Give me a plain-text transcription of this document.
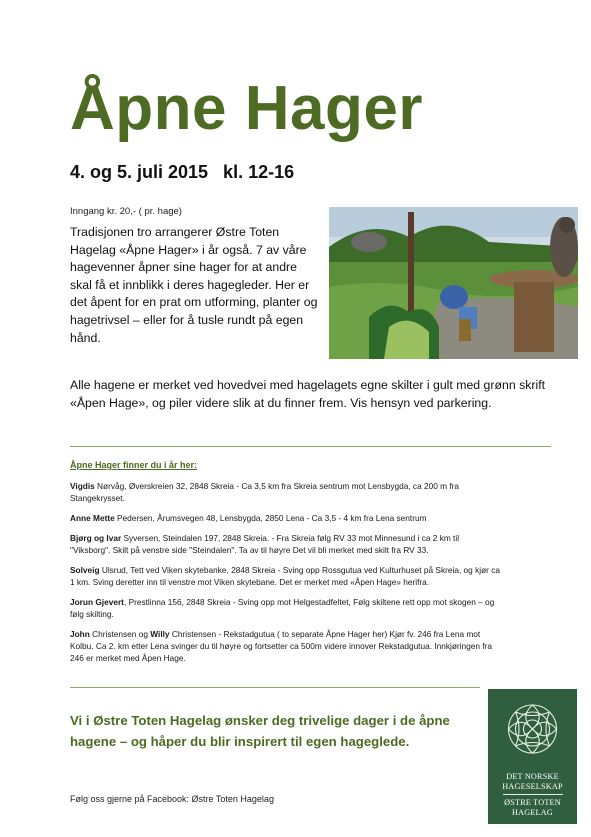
Åpne Hager
4. og 5. juli 2015   kl. 12-16
Inngang kr. 20,- ( pr. hage)
Tradisjonen tro arrangerer Østre Toten Hagelag «Åpne Hager» i år også. 7 av våre hagevenner åpner sine hager for at andre skal få et innblikk i deres hagegleder. Her er det åpent for en prat om utforming, planter og hagetrivsel – eller for å tusle rundt på egen hånd.
Alle hagene er merket ved hovedvei med hagelagets egne skilter i gult med grønn skrift «Åpen Hage», og piler videre slik at du finner frem. Vis hensyn ved parkering.
Åpne Hager finner du i år her:
Vigdis Nørvåg, Øverskreien 32, 2848 Skreia - Ca 3,5 km fra Skreia sentrum mot Lensbygda, ca 200 m fra Stangekrysset.
Anne Mette Pedersen, Årumsvegen 48, Lensbygda, 2850 Lena - Ca 3,5 - 4 km fra Lena sentrum
Bjørg og Ivar Syversen, Steindalen 197, 2848 Skreia. - Fra Skreia følg RV 33 mot Minnesund i ca 2 km til "Viksborg". Skilt på venstre side "Steindalen". Ta av til høyre Det vil bli merket med skilt fra RV 33.
Solveig Ulsrud, Tett ved Viken skytebanke, 2848 Skreia - Sving opp Rossgutua ved Kulturhuset på Skreia, og kjør ca 1 km. Sving deretter inn til venstre mot Viken skytebane. Det er merket med «Åpen Hage» herifra.
Jorun Gjevert, Prestlinna 156, 2848 Skreia - Sving opp mot Helgestadfeltet, Følg skiltene rett opp mot skogen – og følg skilting.
John Christensen og Willy Christensen - Rekstadgutua ( to separate Åpne Hager her) Kjør fv. 246 fra Lena mot Kolbu. Ca 2. km etter Lena svinger du til høyre og fortsetter ca 500m videre innover Rekstadgutua. Innkjøringen fra 246 er merket med Åpen Hage.
Vi i Østre Toten Hagelag ønsker deg trivelige dager i de åpne hagene – og håper du blir inspirert til egen hageglede.
Følg oss gjerne på Facebook: Østre Toten Hagelag
DET NORSKE
HAGESELSKAP
ØSTRE TOTEN
HAGELAG
